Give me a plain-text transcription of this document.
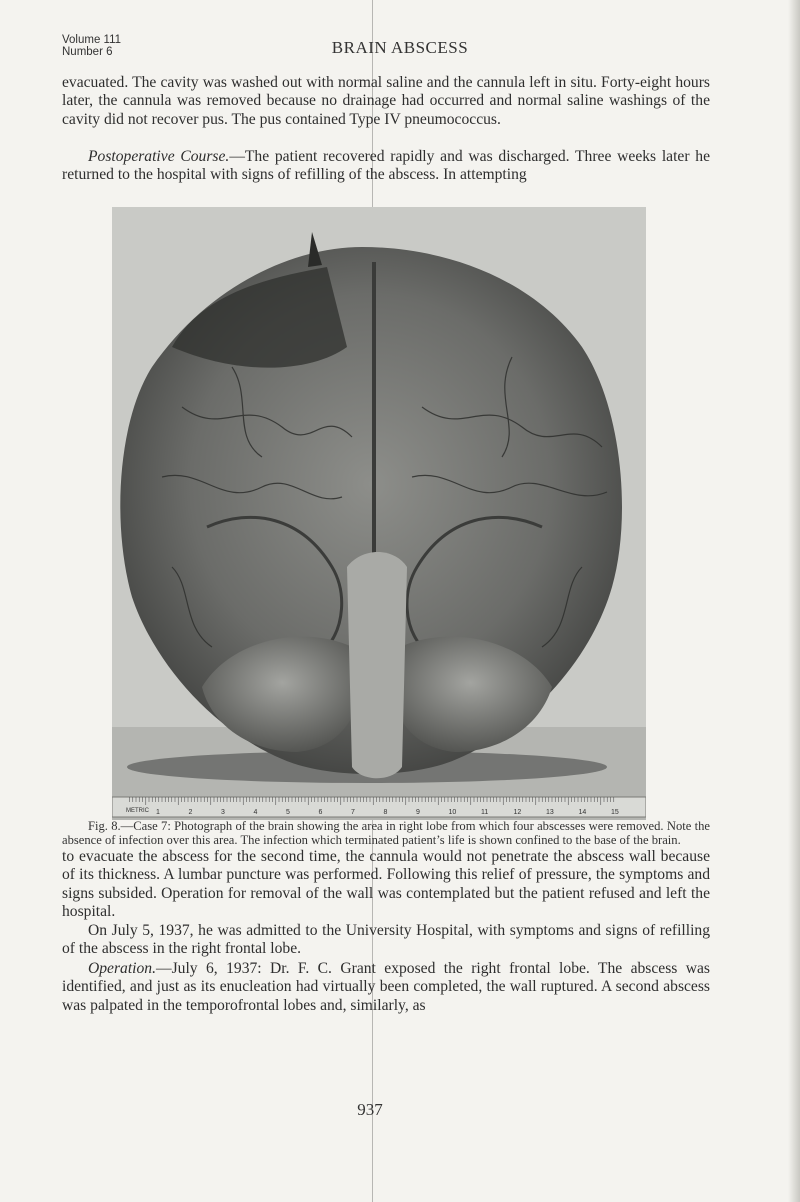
Volume 111
Number 6	BRAIN ABSCESS
evacuated. The cavity was washed out with normal saline and the cannula left in situ. Forty-eight hours later, the cannula was removed because no drainage had occurred and normal saline washings of the cavity did not recover pus. The pus contained Type IV pneumococcus.
Postoperative Course.—The patient recovered rapidly and was discharged. Three weeks later he returned to the hospital with signs of refilling of the abscess. In attempting
METRIC 1	2	3	4	5	6	7	8	9	10	11	12	13	14	15
Fig. 8.—Case 7: Photograph of the brain showing the area in right lobe from which four abscesses were removed. Note the absence of infection over this area. The infection which terminated patient’s life is shown confined to the base of the brain.
to evacuate the abscess for the second time, the cannula would not penetrate the abscess wall because of its thickness. A lumbar puncture was performed. Following this relief of pressure, the symptoms and signs subsided. Operation for removal of the wall was contemplated but the patient refused and left the hospital.
On July 5, 1937, he was admitted to the University Hospital, with symptoms and signs of refilling of the abscess in the right frontal lobe.
Operation.—July 6, 1937: Dr. F. C. Grant exposed the right frontal lobe. The abscess was identified, and just as its enucleation had virtually been completed, the wall ruptured. A second abscess was palpated in the temporofrontal lobes and, similarly, as
937
